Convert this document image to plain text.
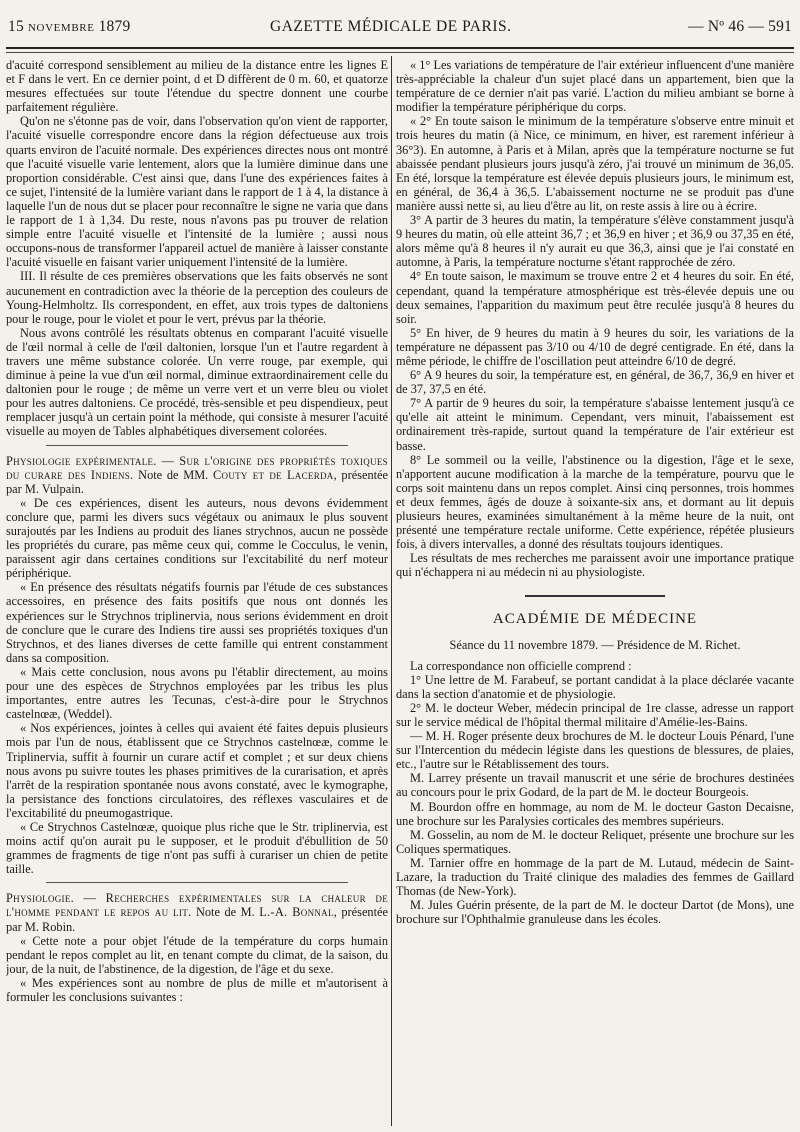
15 NOVEMBRE 1879	GAZETTE MÉDICALE DE PARIS.	— Nº 46 — 591

d'acuité correspond sensiblement au milieu de la distance entre les lignes E et F dans le vert. En ce dernier point, d et D diffèrent de 0 m. 60, et quatorze mesures effectuées sur toute l'étendue du spectre donnent une courbe parfaitement régulière.

Qu'on ne s'étonne pas de voir, dans l'observation qu'on vient de rapporter, l'acuité visuelle correspondre encore dans la région défectueuse aux trois quarts environ de l'acuité normale. Des expériences directes nous ont montré que l'acuité visuelle varie lentement, alors que la lumière diminue dans une proportion considérable. C'est ainsi que, dans l'une des expériences faites à ce sujet, l'intensité de la lumière variant dans le rapport de 1 à 4, la distance à laquelle l'un de nous dut se placer pour reconnaître le signe ne varia que dans le rapport de 1 à 1,34. Du reste, nous n'avons pas pu trouver de relation simple entre l'acuité visuelle et l'intensité de la lumière ; aussi nous occupons-nous de transformer l'appareil actuel de manière à laisser constante l'acuité visuelle en faisant varier uniquement l'intensité de la lumière.

III. Il résulte de ces premières observations que les faits observés ne sont aucunement en contradiction avec la théorie de la perception des couleurs de Young-Helmholtz. Ils correspondent, en effet, aux trois types de daltoniens pour le rouge, pour le violet et pour le vert, prévus par la théorie.

Nous avons contrôlé les résultats obtenus en comparant l'acuité visuelle de l'œil normal à celle de l'œil daltonien, lorsque l'un et l'autre regardent à travers une même substance colorée. Un verre rouge, par exemple, qui diminue à peine la vue d'un œil normal, diminue extraordinairement celle du daltonien pour le rouge ; de même un verre vert et un verre bleu ou violet pour les autres daltoniens. Ce procédé, très-sensible et peu dispendieux, peut remplacer jusqu'à un certain point la méthode, qui consiste à mesurer l'acuité visuelle au moyen de Tables alphabétiques diversement colorées.

Physiologie expérimentale. — Sur l'origine des propriétés toxiques du curare des Indiens. Note de MM. Couty et de Lacerda, présentée par M. Vulpain.

« De ces expériences, disent les auteurs, nous devons évidemment conclure que, parmi les divers sucs végétaux ou animaux le plus souvent surajoutés par les Indiens au produit des lianes strychnos, aucun ne possède les propriétés du curare, pas même ceux qui, comme le Cocculus, le venin, paraissent agir dans certaines conditions sur l'excitabilité du nerf moteur périphérique.

« En présence des résultats négatifs fournis par l'étude de ces substances accessoires, en présence des faits positifs que nous ont donnés les expériences sur le Strychnos triplinervia, nous serions évidemment en droit de conclure que le curare des Indiens tire aussi ses propriétés toxiques d'un Strychnos, et des lianes diverses de cette famille qui entrent constamment dans sa composition.

« Mais cette conclusion, nous avons pu l'établir directement, au moins pour une des espèces de Strychnos employées par les tribus les plus importantes, entre autres les Tecunas, c'est-à-dire pour le Strychnos castelnœæ, (Weddel).

« Nos expériences, jointes à celles qui avaient été faites depuis plusieurs mois par l'un de nous, établissent que ce Strychnos castelnœæ, comme le Triplinervia, suffit à fournir un curare actif et complet ; et sur deux chiens nous avons pu suivre toutes les phases primitives de la curarisation, et après l'arrêt de la respiration spontanée nous avons constaté, avec le kymographe, la persistance des fonctions circulatoires, des réflexes vasculaires et de l'excitabilité du pneumogastrique.

« Ce Strychnos Castelnœæ, quoique plus riche que le Str. triplinervia, est moins actif qu'on aurait pu le supposer, et le produit d'ébullition de 50 grammes de fragments de tige n'ont pas suffi à curariser un chien de petite taille.

Physiologie. — Recherches expérimentales sur la chaleur de l'homme pendant le repos au lit. Note de M. L.-A. Bonnal, présentée par M. Robin.

« Cette note a pour objet l'étude de la température du corps humain pendant le repos complet au lit, en tenant compte du climat, de la saison, du jour, de la nuit, de l'abstinence, de la digestion, de l'âge et du sexe.

« Mes expériences sont au nombre de plus de mille et m'autorisent à formuler les conclusions suivantes :

« 1° Les variations de température de l'air extérieur influencent d'une manière très-appréciable la chaleur d'un sujet placé dans un appartement, bien que la température de ce dernier n'ait pas varié. L'action du milieu ambiant se borne à modifier la température périphérique du corps.

« 2° En toute saison le minimum de la température s'observe entre minuit et trois heures du matin (à Nice, ce minimum, en hiver, est rarement inférieur à 36°3). En automne, à Paris et à Milan, après que la température nocturne se fut abaissée pendant plusieurs jours jusqu'à zéro, j'ai trouvé un minimum de 36,05. En été, lorsque la température est élevée depuis plusieurs jours, le minimum est, en général, de 36,4 à 36,5. L'abaissement nocturne ne se produit pas d'une manière aussi nette si, au lieu d'être au lit, on reste assis à lire ou à écrire.

3° A partir de 3 heures du matin, la température s'élève constamment jusqu'à 9 heures du matin, où elle atteint 36,7 ; et 36,9 en hiver ; et 36,9 ou 37,35 en été, alors même qu'à 8 heures il n'y aurait eu que 36,3, ainsi que je l'ai constaté en automne, à Paris, la température nocturne s'étant rapprochée de zéro.

4° En toute saison, le maximum se trouve entre 2 et 4 heures du soir. En été, cependant, quand la température atmosphérique est très-élevée depuis une ou deux semaines, l'apparition du maximum peut être reculée jusqu'à 8 heures du soir.

5° En hiver, de 9 heures du matin à 9 heures du soir, les variations de la température ne dépassent pas 3/10 ou 4/10 de degré centigrade. En été, dans la même période, le chiffre de l'oscillation peut atteindre 6/10 de degré.

6° A 9 heures du soir, la température est, en général, de 36,7, 36,9 en hiver et de 37, 37,5 en été.

7° A partir de 9 heures du soir, la température s'abaisse lentement jusqu'à ce qu'elle ait atteint le minimum. Cependant, vers minuit, l'abaissement est ordinairement très-rapide, surtout quand la température de l'air extérieur est basse.

8° Le sommeil ou la veille, l'abstinence ou la digestion, l'âge et le sexe, n'apportent aucune modification à la marche de la température, pourvu que le corps soit maintenu dans un repos complet. Ainsi cinq personnes, trois hommes et deux femmes, âgés de douze à soixante-six ans, et dormant au lit depuis plusieurs heures, examinées simultanément à la même heure de la nuit, ont présenté une température rectale uniforme. Cette expérience, répétée plusieurs fois, à divers intervalles, a donné des résultats toujours identiques.

Les résultats de mes recherches me paraissent avoir une importance pratique qui n'échappera ni au médecin ni au physiologiste.

ACADÉMIE DE MÉDECINE

Séance du 11 novembre 1879. — Présidence de M. Richet.

La correspondance non officielle comprend :

1° Une lettre de M. Farabeuf, se portant candidat à la place déclarée vacante dans la section d'anatomie et de physiologie.

2° M. le docteur Weber, médecin principal de 1re classe, adresse un rapport sur le service médical de l'hôpital thermal militaire d'Amélie-les-Bains.

— M. H. Roger présente deux brochures de M. le docteur Louis Pénard, l'une sur l'Intercention du médecin légiste dans les questions de blessures, de plaies, etc., l'autre sur le Rétablissement des tours.

M. Larrey présente un travail manuscrit et une série de brochures destinées au concours pour le prix Godard, de la part de M. le docteur Bourgeois.

M. Bourdon offre en hommage, au nom de M. le docteur Gaston Decaisne, une brochure sur les Paralysies corticales des membres supérieurs.

M. Gosselin, au nom de M. le docteur Reliquet, présente une brochure sur les Coliques spermatiques.

M. Tarnier offre en hommage de la part de M. Lutaud, médecin de Saint-Lazare, la traduction du Traité clinique des maladies des femmes de Gaillard Thomas (de New-York).

M. Jules Guérin présente, de la part de M. le docteur Dartot (de Mons), une brochure sur l'Ophthalmie granuleuse dans les écoles.
